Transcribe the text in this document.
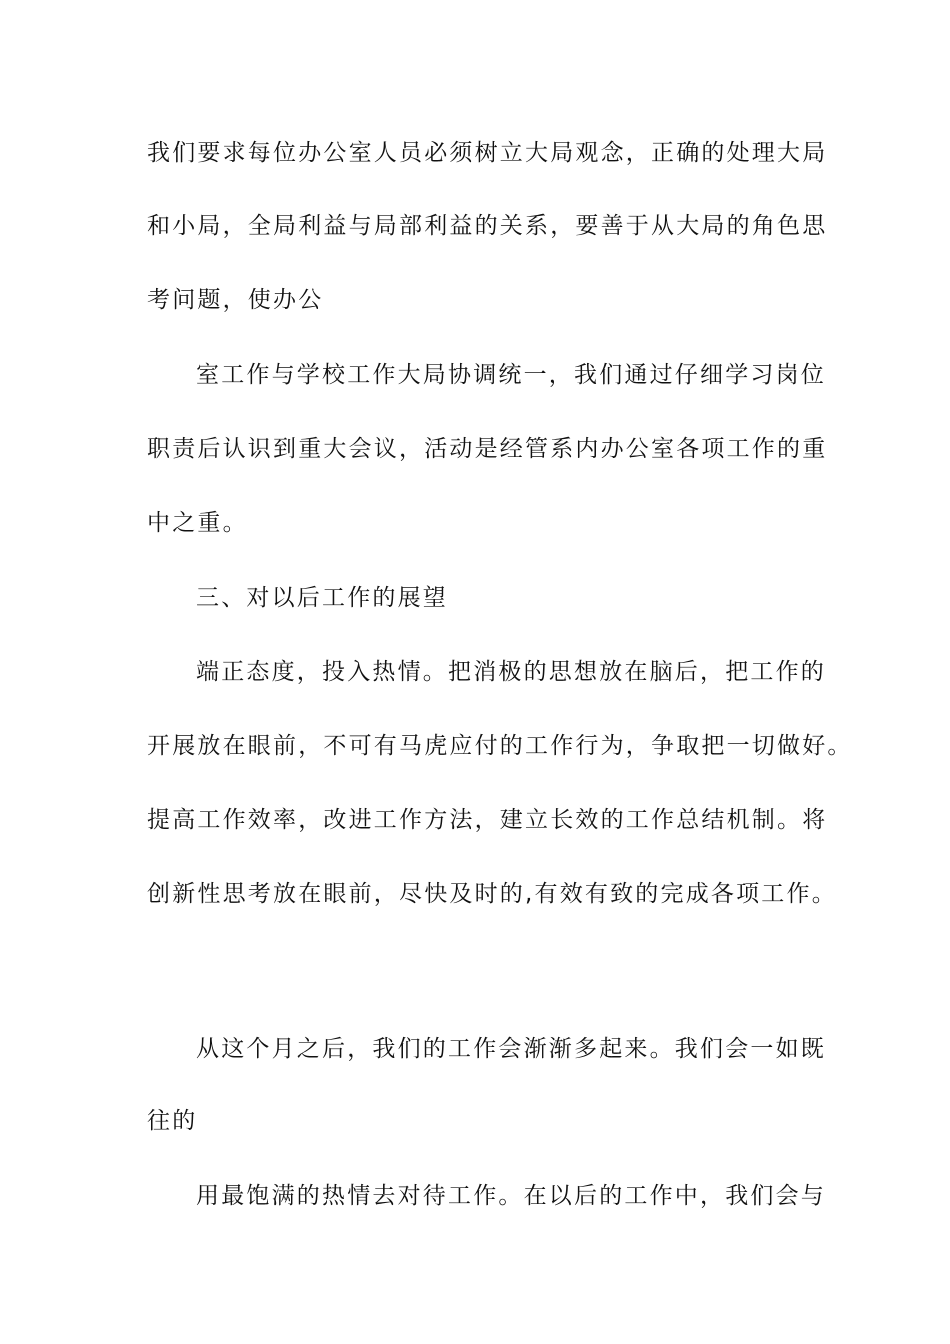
我们要求每位办公室人员必须树立大局观念，正确的处理大局
和小局，全局利益与局部利益的关系，要善于从大局的角色思
考问题，使办公
室工作与学校工作大局协调统一，我们通过仔细学习岗位
职责后认识到重大会议，活动是经管系内办公室各项工作的重
中之重。
三、对以后工作的展望
端正态度，投入热情。把消极的思想放在脑后，把工作的
开展放在眼前，不可有马虎应付的工作行为，争取把一切做好。
提高工作效率，改进工作方法，建立长效的工作总结机制。将
创新性思考放在眼前，尽快及时的,有效有致的完成各项工作。
从这个月之后，我们的工作会渐渐多起来。我们会一如既
往的
用最饱满的热情去对待工作。在以后的工作中，我们会与
